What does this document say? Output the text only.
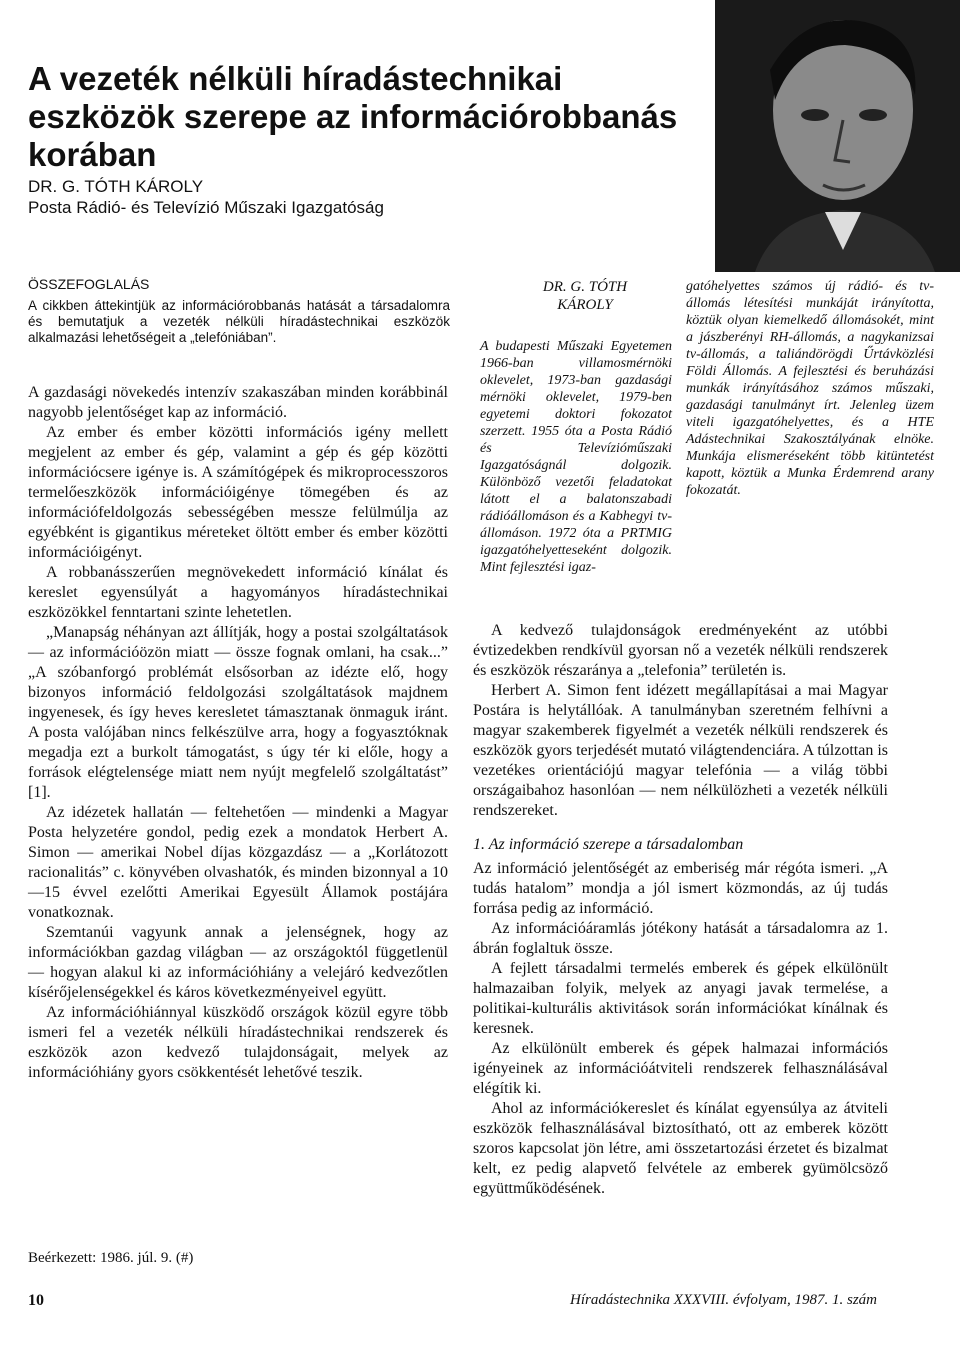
A vezeték nélküli híradástechnikai eszközök szerepe az információrobbanás korában
DR. G. TÓTH KÁROLY
Posta Rádió- és Televízió Műszaki Igazgatóság
ÖSSZEFOGLALÁS
A cikkben áttekintjük az információrobbanás hatását a társadalomra és bemutatjuk a vezeték nélküli híradástechnikai eszközök alkalmazási lehetőségeit a „telefóniában”.

A gazdasági növekedés intenzív szakaszában minden korábbinál nagyobb jelentőséget kap az információ.

Az ember és ember közötti információs igény mellett megjelent az ember és gép, valamint a gép és gép közötti információcsere igénye is. A számítógépek és mikroprocesszoros termelőeszközök információigénye tömegében és az információfeldolgozás sebességében messze felülmúlja az egyébként is gigantikus méreteket öltött ember és ember közötti információigényt.

A robbanásszerűen megnövekedett információ kínálat és kereslet egyensúlyát a hagyományos híradástechnikai eszközökkel fenntartani szinte lehetetlen.

„Manapság néhányan azt állítják, hogy a postai szolgáltatások — az információözön miatt — össze fognak omlani, ha csak...” „A szóbanforgó problémát elsősorban az idézte elő, hogy bizonyos információ feldolgozási szolgáltatások majdnem ingyenesek, és így heves keresletet támasztanak önmaguk iránt. A posta valójában nincs felkészülve arra, hogy a fogyasztóknak megadja ezt a burkolt támogatást, s úgy tér ki előle, hogy a források elégtelensége miatt nem nyújt megfelelő szolgáltatást” [1].

Az idézetek hallatán — feltehetően — mindenki a Magyar Posta helyzetére gondol, pedig ezek a mondatok Herbert A. Simon — amerikai Nobel díjas közgazdász — a „Korlátozott racionalitás” c. könyvében olvashatók, és minden bizonnyal a 10—15 évvel ezelőtti Amerikai Egyesült Államok postájára vonatkoznak.

Szemtanúi vagyunk annak a jelenségnek, hogy az információkban gazdag világban — az országoktól függetlenül — hogyan alakul ki az információhiány a velejáró kedvezőtlen kísérőjelenségekkel és káros következményeivel együtt.

Az információhiánnyal küszködő országok közül egyre több ismeri fel a vezeték nélküli híradástechnikai rendszerek és eszközök azon kedvező tulajdonságait, melyek az információhiány gyors csökkentését lehetővé teszik.

DR. G. TÓTH
KÁROLY
A budapesti Műszaki Egyetemen 1966-ban villamosmérnöki oklevelet, 1973-ban gazdasági mérnöki oklevelet, 1979-ben egyetemi doktori fokozatot szerzett. 1955 óta a Posta Rádió és Televízióműszaki Igazgatóságnál dolgozik. Különböző vezetői feladatokat látott el a balatonszabadi rádióállomáson és a Kabhegyi tv-állomáson. 1972 óta a PRTMIG igazgatóhelyetteseként dolgozik. Mint fejlesztési igaz-
gatóhelyettes számos új rádió- és tv-állomás létesítési munkáját irányította, köztük olyan kiemelkedő állomásokét, mint a jászberényi RH-állomás, a nagykanizsai tv-állomás, a taliándörögdi Űrtávközlési Földi Állomás. A fejlesztési és beruházási munkák irányításához számos műszaki, gazdasági tanulmányt írt. Jelenleg üzem viteli igazgatóhelyettes, és a HTE Adástechnikai Szakosztályának elnöke. Munkája elismeréseként több kitüntetést kapott, köztük a Munka Érdemrend arany fokozatát.

A kedvező tulajdonságok eredményeként az utóbbi évtizedekben rendkívül gyorsan nő a vezeték nélküli rendszerek és eszközök részaránya a „telefonia” területén is.

Herbert A. Simon fent idézett megállapításai a mai Magyar Postára is helytállóak. A tanulmányban szeretném felhívni a magyar szakemberek figyelmét a vezeték nélküli rendszerek és eszközök gyors terjedését mutató világtendenciára. A túlzottan is vezetékes orientációjú magyar telefónia — a világ többi országaibahoz hasonlóan — nem nélkülözheti a vezeték nélküli rendszereket.

1. Az információ szerepe a társadalomban

Az információ jelentőségét az emberiség már régóta ismeri. „A tudás hatalom” mondja a jól ismert közmondás, az új tudás forrása pedig az információ.

Az információáramlás jótékony hatását a társadalomra az 1. ábrán foglaltuk össze.

A fejlett társadalmi termelés emberek és gépek elkülönült halmazaiban folyik, melyek az anyagi javak termelése, a politikai-kulturális aktivitások során információkat kínálnak és keresnek.

Az elkülönült emberek és gépek halmazai információs igényeinek az információátviteli rendszerek felhasználásával elégítik ki.

Ahol az információkereslet és kínálat egyensúlya az átviteli eszközök felhasználásával biztosítható, ott az emberek között szoros kapcsolat jön létre, ami összetartozási érzetet és bizalmat kelt, ez pedig alapvető felvétele az emberek gyümölcsöző együttműködésének.

Beérkezett: 1986. júl. 9. (#)
10	Híradástechnika XXXVIII. évfolyam, 1987. 1. szám
